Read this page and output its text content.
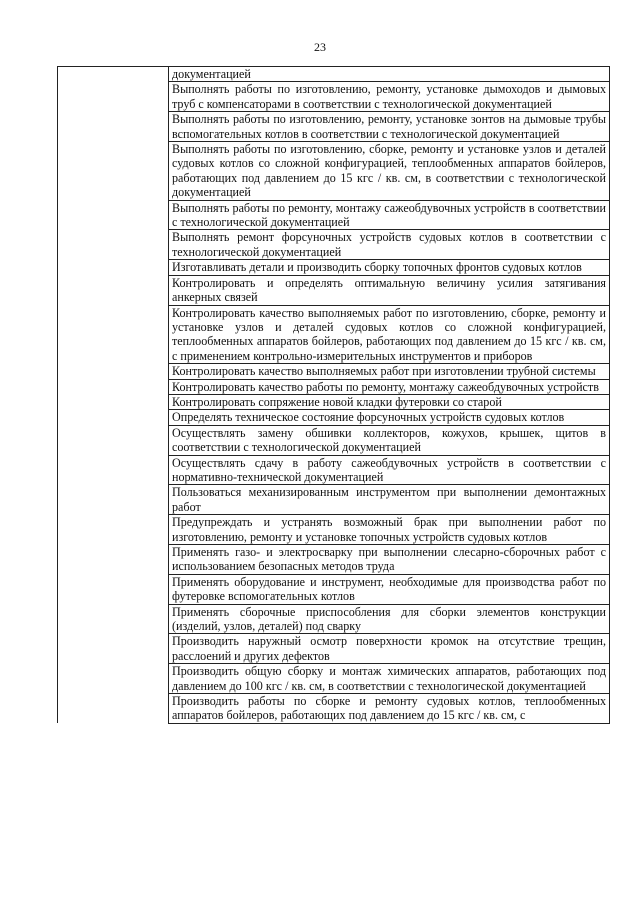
23
	документацией
	Выполнять работы по изготовлению, ремонту, установке дымоходов и дымовых труб с компенсаторами в соответствии с технологической документацией
	Выполнять работы по изготовлению, ремонту, установке зонтов на дымовые трубы вспомогательных котлов в соответствии с технологической документацией
	Выполнять работы по изготовлению, сборке, ремонту и установке узлов и деталей судовых котлов со сложной конфигурацией, теплообменных аппаратов бойлеров, работающих под давлением до 15 кгс / кв. см, в соответствии с технологической документацией
	Выполнять работы по ремонту, монтажу сажеобдувочных устройств в соответствии с технологической документацией
	Выполнять ремонт форсуночных устройств судовых котлов в соответствии с технологической документацией
	Изготавливать детали и производить сборку топочных фронтов судовых котлов
	Контролировать и определять оптимальную величину усилия затягивания анкерных связей
	Контролировать качество выполняемых работ по изготовлению, сборке, ремонту и установке узлов и деталей судовых котлов со сложной конфигурацией, теплообменных аппаратов бойлеров, работающих под давлением до 15 кгс / кв. см, с применением контрольно-измерительных инструментов и приборов
	Контролировать качество выполняемых работ при изготовлении трубной системы
	Контролировать качество работы по ремонту, монтажу сажеобдувочных устройств
	Контролировать сопряжение новой кладки футеровки со старой
	Определять техническое состояние форсуночных устройств судовых котлов
	Осуществлять замену обшивки коллекторов, кожухов, крышек, щитов в соответствии с технологической документацией
	Осуществлять сдачу в работу сажеобдувочных устройств в соответствии с нормативно-технической документацией
	Пользоваться механизированным инструментом при выполнении демонтажных работ
	Предупреждать и устранять возможный брак при выполнении работ по изготовлению, ремонту и установке топочных устройств судовых котлов
	Применять газо- и электросварку при выполнении слесарно-сборочных работ с использованием безопасных методов труда
	Применять оборудование и инструмент, необходимые для производства работ по футеровке вспомогательных котлов
	Применять сборочные приспособления для сборки элементов конструкции (изделий, узлов, деталей) под сварку
	Производить наружный осмотр поверхности кромок на отсутствие трещин, расслоений и других дефектов
	Производить общую сборку и монтаж химических аппаратов, работающих под давлением до 100 кгс / кв. см, в соответствии с технологической документацией
	Производить работы по сборке и ремонту судовых котлов, теплообменных аппаратов бойлеров, работающих под давлением до 15 кгс / кв. см, с
